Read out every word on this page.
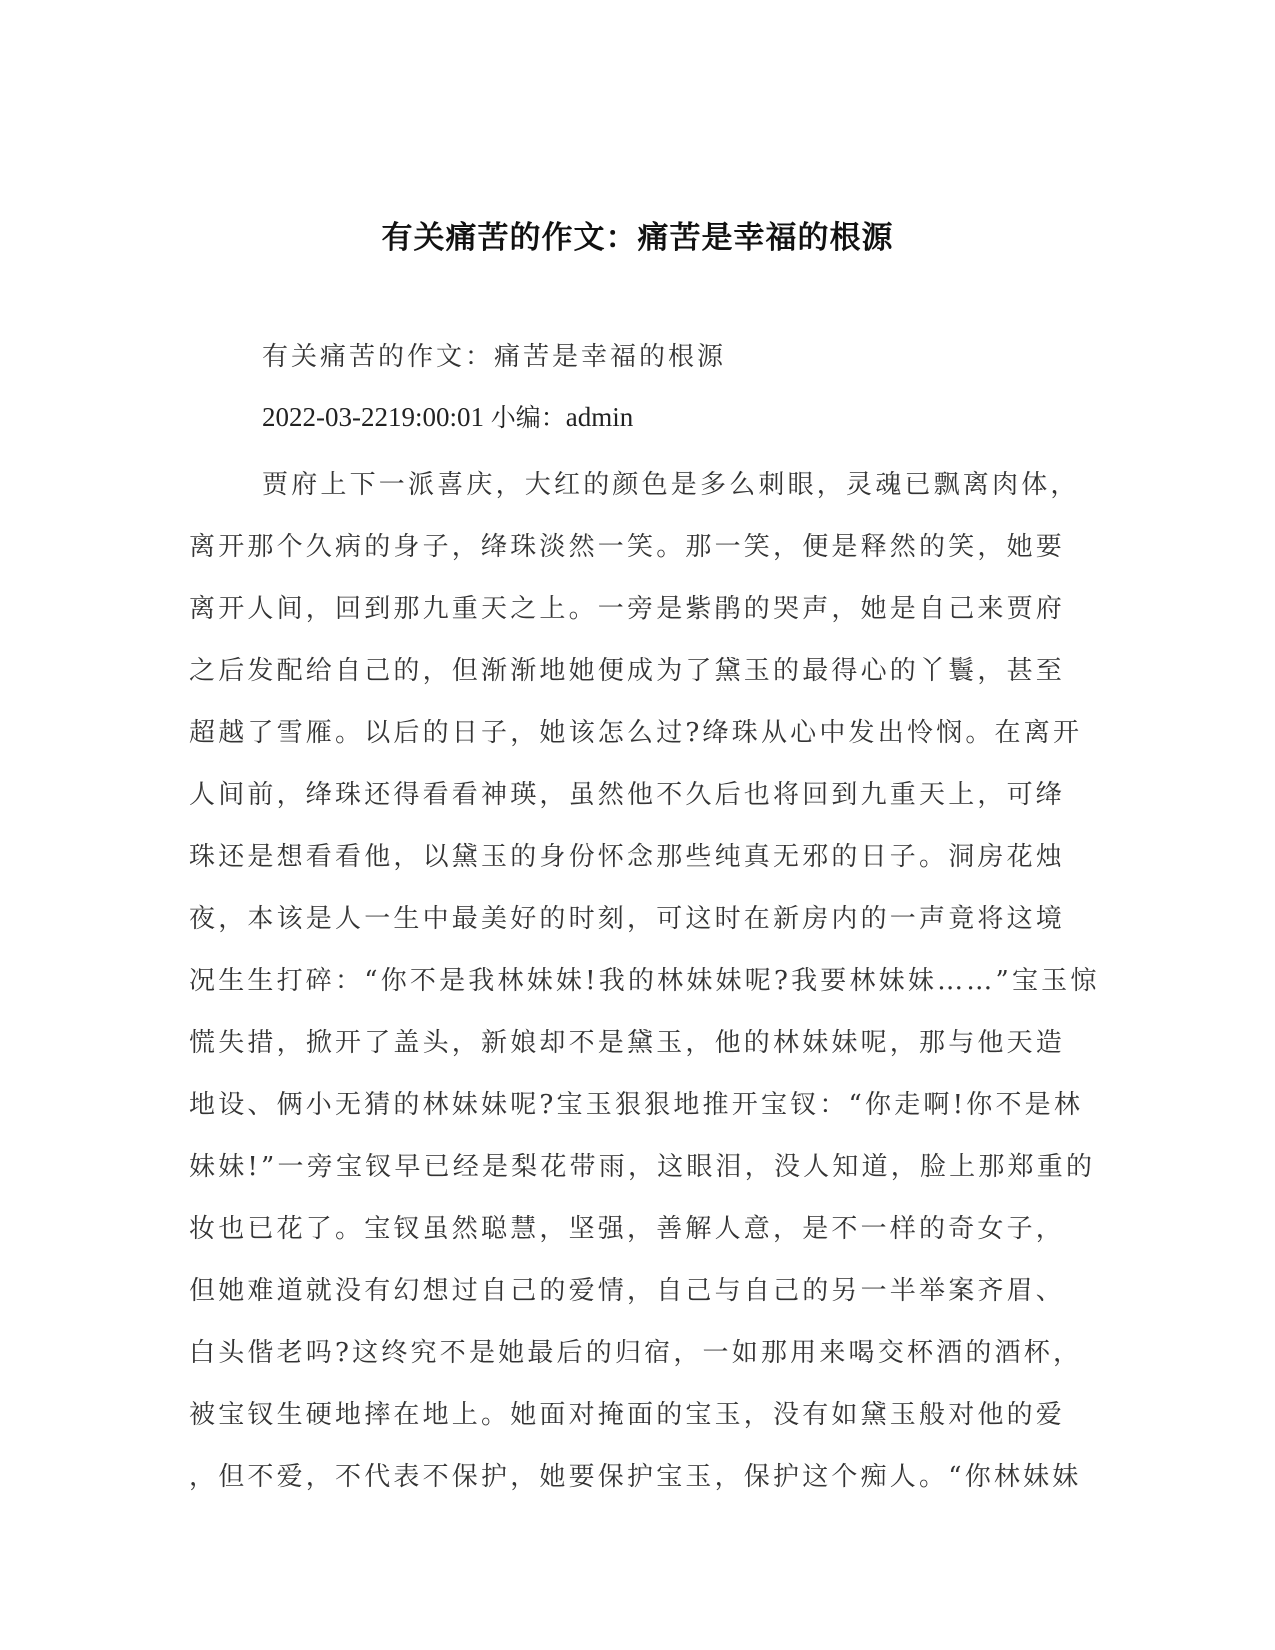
有关痛苦的作文：痛苦是幸福的根源
有关痛苦的作文：痛苦是幸福的根源
2022-03-2219:00:01 小编：admin
贾府上下一派喜庆，大红的颜色是多么刺眼，灵魂已飘离肉体，
离开那个久病的身子，绛珠淡然一笑。那一笑，便是释然的笑，她要
离开人间，回到那九重天之上。一旁是紫鹃的哭声，她是自己来贾府
之后发配给自己的，但渐渐地她便成为了黛玉的最得心的丫鬟，甚至
超越了雪雁。以后的日子，她该怎么过?绛珠从心中发出怜悯。在离开
人间前，绛珠还得看看神瑛，虽然他不久后也将回到九重天上，可绛
珠还是想看看他，以黛玉的身份怀念那些纯真无邪的日子。洞房花烛
夜，本该是人一生中最美好的时刻，可这时在新房内的一声竟将这境
况生生打碎：“你不是我林妹妹!我的林妹妹呢?我要林妹妹……”宝玉惊
慌失措，掀开了盖头，新娘却不是黛玉，他的林妹妹呢，那与他天造
地设、俩小无猜的林妹妹呢?宝玉狠狠地推开宝钗：“你走啊!你不是林
妹妹!”一旁宝钗早已经是梨花带雨，这眼泪，没人知道，脸上那郑重的
妆也已花了。宝钗虽然聪慧，坚强，善解人意，是不一样的奇女子，
但她难道就没有幻想过自己的爱情，自己与自己的另一半举案齐眉、
白头偕老吗?这终究不是她最后的归宿，一如那用来喝交杯酒的酒杯，
被宝钗生硬地摔在地上。她面对掩面的宝玉，没有如黛玉般对他的爱
，但不爱，不代表不保护，她要保护宝玉，保护这个痴人。“你林妹妹
